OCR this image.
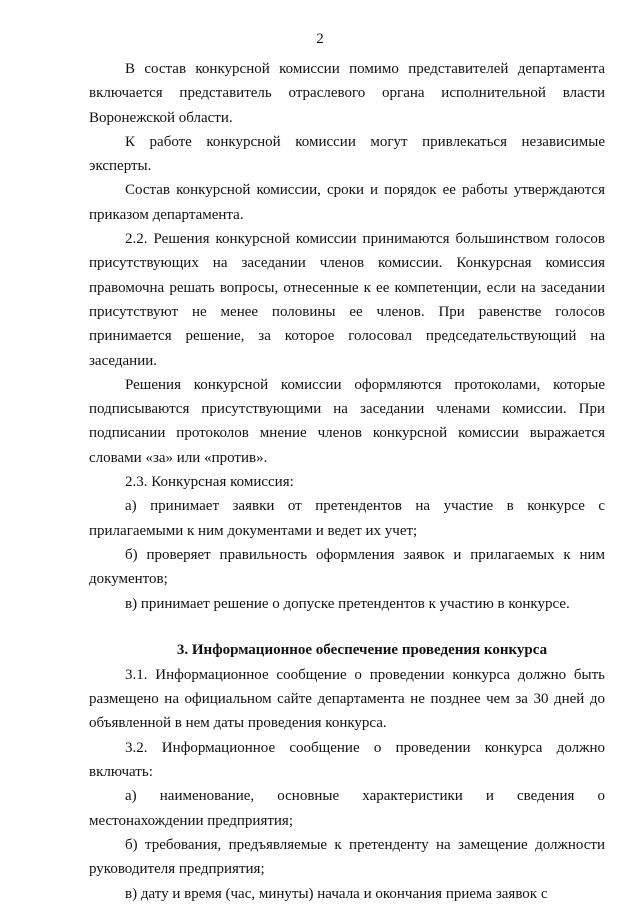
2

В состав конкурсной комиссии помимо представителей департамента включается представитель отраслевого органа исполнительной власти Воронежской области.

К работе конкурсной комиссии могут привлекаться независимые эксперты.

Состав конкурсной комиссии, сроки и порядок ее работы утверждаются приказом департамента.

2.2. Решения конкурсной комиссии принимаются большинством голосов присутствующих на заседании членов комиссии. Конкурсная комиссия правомочна решать вопросы, отнесенные к ее компетенции, если на заседании присутствуют не менее половины ее членов. При равенстве голосов принимается решение, за которое голосовал председательствующий на заседании.

Решения конкурсной комиссии оформляются протоколами, которые подписываются присутствующими на заседании членами комиссии. При подписании протоколов мнение членов конкурсной комиссии выражается словами «за» или «против».

2.3. Конкурсная комиссия:

а) принимает заявки от претендентов на участие в конкурсе с прилагаемыми к ним документами и ведет их учет;

б) проверяет правильность оформления заявок и прилагаемых к ним документов;

в) принимает решение о допуске претендентов к участию в конкурсе.

3. Информационное обеспечение проведения конкурса

3.1. Информационное сообщение о проведении конкурса должно быть размещено на официальном сайте департамента не позднее чем за 30 дней до объявленной в нем даты проведения конкурса.

3.2. Информационное сообщение о проведении конкурса должно включать:

а) наименование, основные характеристики и сведения о местонахождении предприятия;

б) требования, предъявляемые к претенденту на замещение должности руководителя предприятия;

в) дату и время (час, минуты) начала и окончания приема заявок с
